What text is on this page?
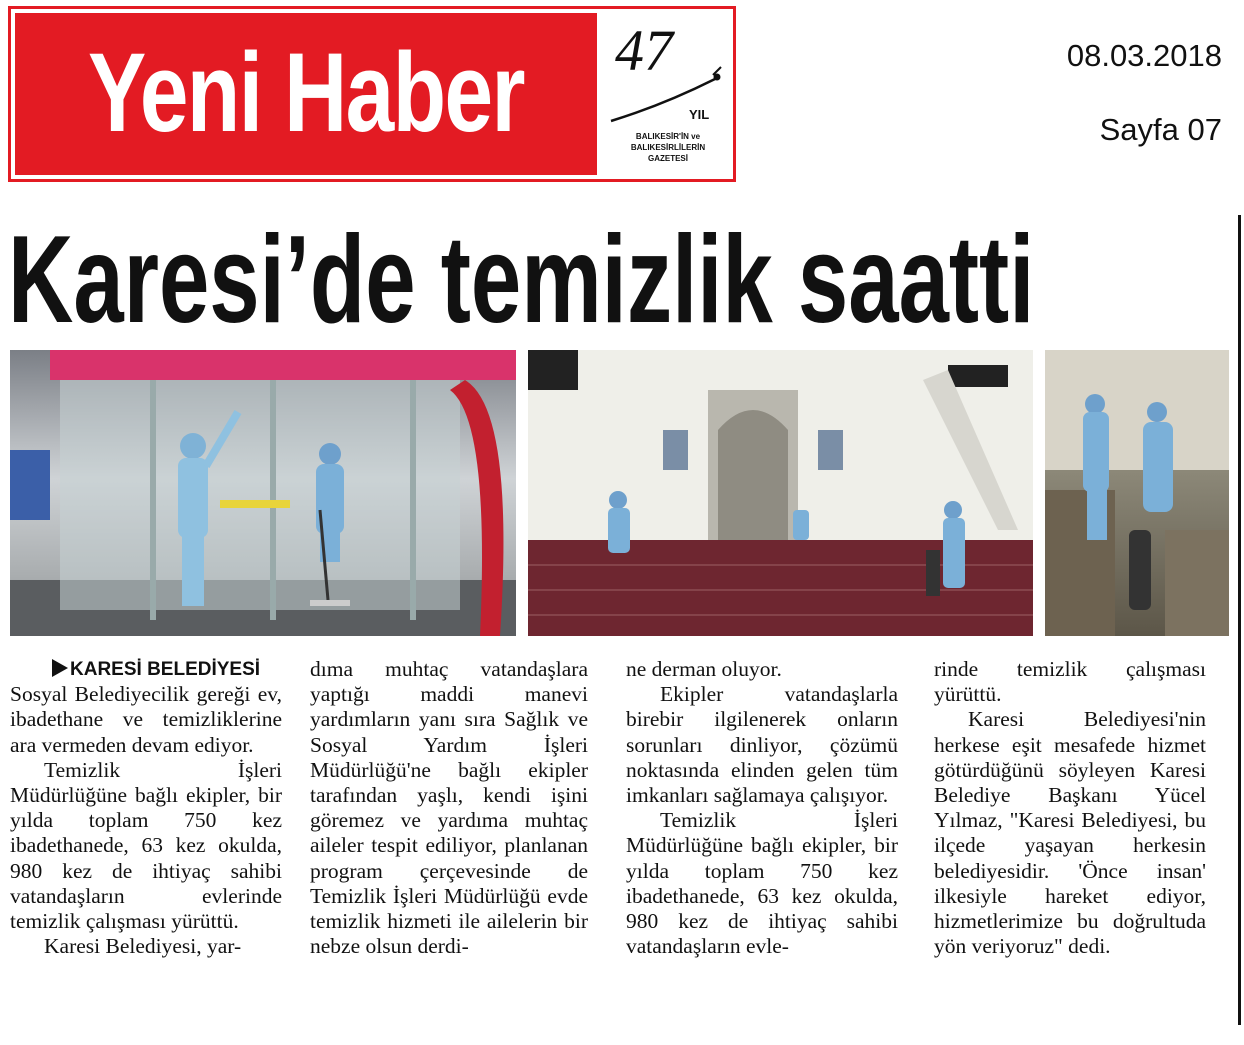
Yeni Haber 47
YIL
BALIKESİR'İN ve
BALIKESİRLİLERİN
GAZETESİ
08.03.2018
Sayfa 07
Karesi’de temizlik saatti
KARESİ BELEDİYESİ

Sosyal Belediyecilik gereği ev, ibadethane ve temizliklerine ara vermeden devam ediyor.

Temizlik İşleri Müdürlüğüne bağlı ekipler, bir yılda toplam 750 kez ibadethanede, 63 kez okulda, 980 kez de ihtiyaç sahibi vatandaşların evlerinde temizlik çalışması yürüttü.

Karesi Belediyesi, yar-

dıma muhtaç vatandaşlara yaptığı maddi manevi yardımların yanı sıra Sağlık ve Sosyal Yardım İşleri Müdürlüğü'ne bağlı ekipler tarafından yaşlı, kendi işini göremez ve yardıma muhtaç aileler tespit ediliyor, planlanan program çerçevesinde de Temizlik İşleri Müdürlüğü evde temizlik hizmeti ile ailelerin bir nebze olsun derdi-

ne derman oluyor.

Ekipler vatandaşlarla birebir ilgilenerek onların sorunları dinliyor, çözümü noktasında elinden gelen tüm imkanları sağlamaya çalışıyor.

Temizlik İşleri Müdürlüğüne bağlı ekipler, bir yılda toplam 750 kez ibadethanede, 63 kez okulda, 980 kez de ihtiyaç sahibi vatandaşların evle-

rinde temizlik çalışması yürüttü.

Karesi Belediyesi'nin herkese eşit mesafede hizmet götürdüğünü söyleyen Karesi Belediye Başkanı Yücel Yılmaz, "Karesi Belediyesi, bu ilçede yaşayan herkesin belediyesidir. 'Önce insan' ilkesiyle hareket ediyor, hizmetlerimize bu doğrultuda yön veriyoruz" dedi.
